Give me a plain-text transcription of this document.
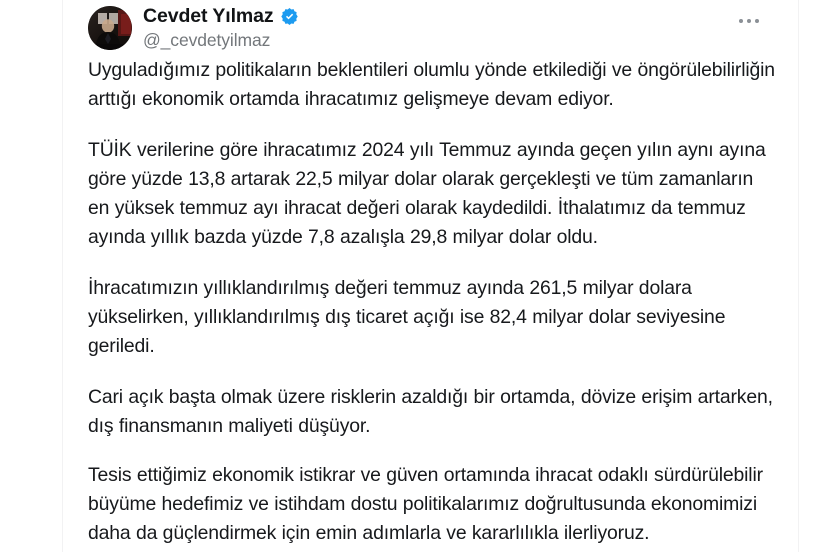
Cevdet Yılmaz
@_cevdetyilmaz

Uyguladığımız politikaların beklentileri olumlu yönde etkilediği ve öngörülebilirliğin arttığı ekonomik ortamda ihracatımız gelişmeye devam ediyor.

TÜİK verilerine göre ihracatımız 2024 yılı Temmuz ayında geçen yılın aynı ayına göre yüzde 13,8 artarak 22,5 milyar dolar olarak gerçekleşti ve tüm zamanların en yüksek temmuz ayı ihracat değeri olarak kaydedildi. İthalatımız da temmuz ayında yıllık bazda yüzde 7,8 azalışla 29,8 milyar dolar oldu.

İhracatımızın yıllıklandırılmış değeri temmuz ayında 261,5 milyar dolara yükselirken, yıllıklandırılmış dış ticaret açığı ise 82,4 milyar dolar seviyesine geriledi.

Cari açık başta olmak üzere risklerin azaldığı bir ortamda, dövize erişim artarken, dış finansmanın maliyeti düşüyor.

Tesis ettiğimiz ekonomik istikrar ve güven ortamında ihracat odaklı sürdürülebilir büyüme hedefimiz ve istihdam dostu politikalarımız doğrultusunda ekonomimizi daha da güçlendirmek için emin adımlarla ve kararlılıkla ilerliyoruz.
